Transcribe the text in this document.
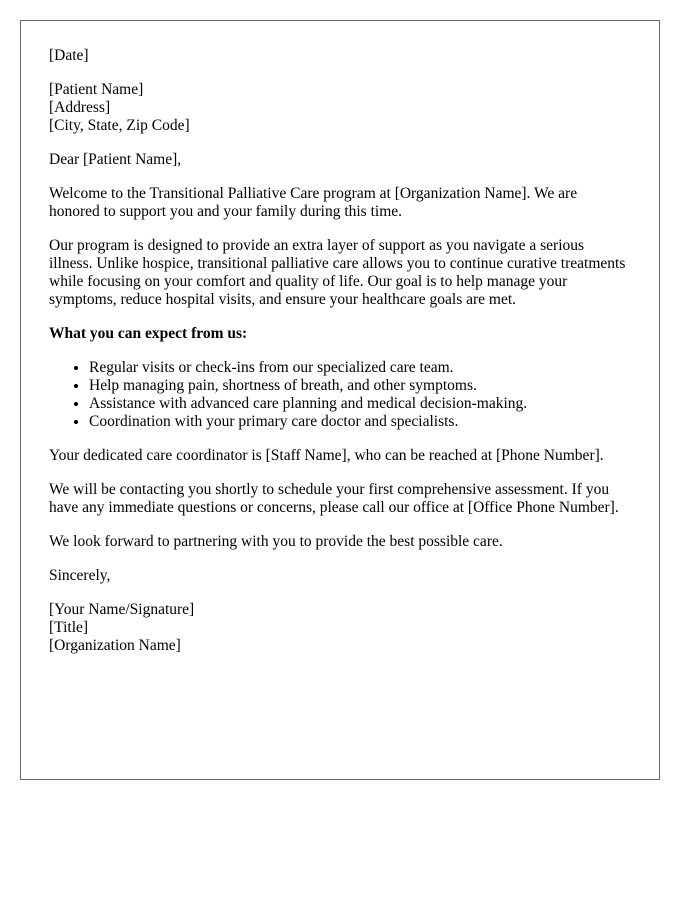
[Date]

[Patient Name]
[Address]
[City, State, Zip Code]

Dear [Patient Name],

Welcome to the Transitional Palliative Care program at [Organization Name]. We are honored to support you and your family during this time.

Our program is designed to provide an extra layer of support as you navigate a serious illness. Unlike hospice, transitional palliative care allows you to continue curative treatments while focusing on your comfort and quality of life. Our goal is to help manage your symptoms, reduce hospital visits, and ensure your healthcare goals are met.

What you can expect from us:
• Regular visits or check-ins from our specialized care team.
• Help managing pain, shortness of breath, and other symptoms.
• Assistance with advanced care planning and medical decision-making.
• Coordination with your primary care doctor and specialists.

Your dedicated care coordinator is [Staff Name], who can be reached at [Phone Number].

We will be contacting you shortly to schedule your first comprehensive assessment. If you have any immediate questions or concerns, please call our office at [Office Phone Number].

We look forward to partnering with you to provide the best possible care.

Sincerely,

[Your Name/Signature]
[Title]
[Organization Name]
